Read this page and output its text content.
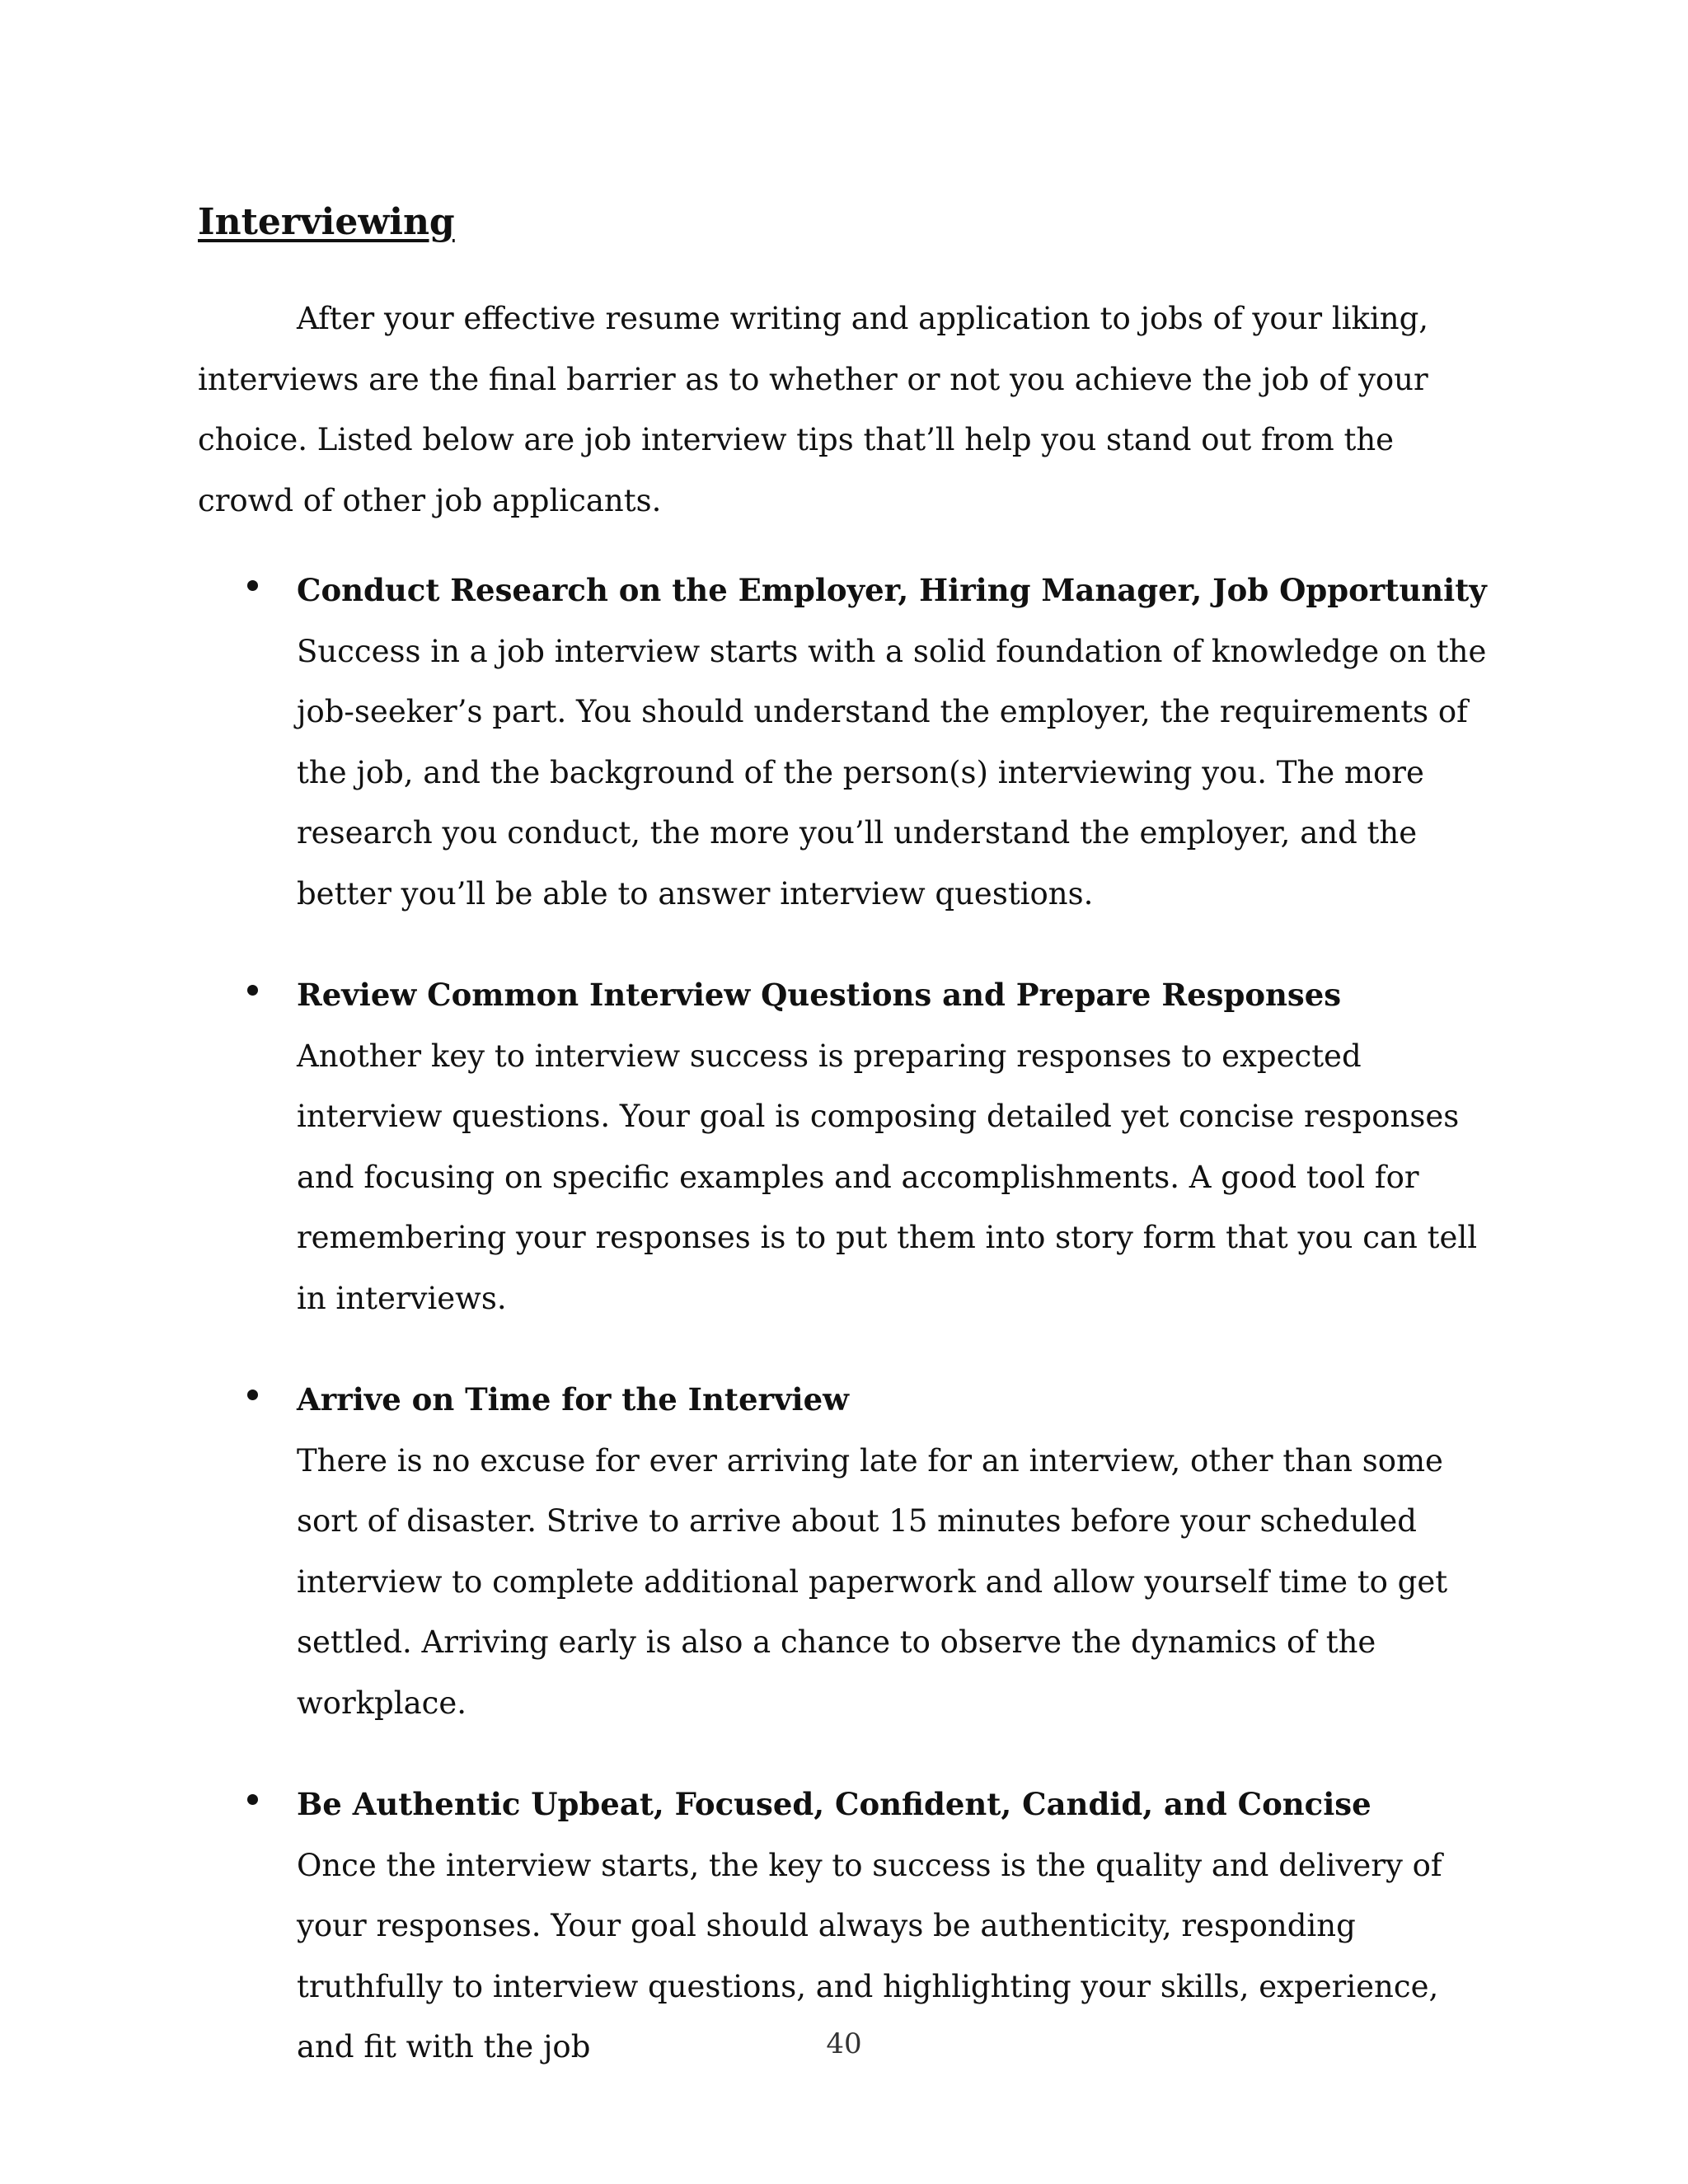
Interviewing

After your effective resume writing and application to jobs of your liking, interviews are the final barrier as to whether or not you achieve the job of your choice. Listed below are job interview tips that’ll help you stand out from the crowd of other job applicants.

Conduct Research on the Employer, Hiring Manager, Job Opportunity

Success in a job interview starts with a solid foundation of knowledge on the job-seeker’s part. You should understand the employer, the requirements of the job, and the background of the person(s) interviewing you. The more research you conduct, the more you’ll understand the employer, and the better you’ll be able to answer interview questions.

Review Common Interview Questions and Prepare Responses

Another key to interview success is preparing responses to expected interview questions. Your goal is composing detailed yet concise responses and focusing on specific examples and accomplishments. A good tool for remembering your responses is to put them into story form that you can tell in interviews.

Arrive on Time for the Interview

There is no excuse for ever arriving late for an interview, other than some sort of disaster. Strive to arrive about 15 minutes before your scheduled interview to complete additional paperwork and allow yourself time to get settled. Arriving early is also a chance to observe the dynamics of the workplace.

Be Authentic Upbeat, Focused, Confident, Candid, and Concise

Once the interview starts, the key to success is the quality and delivery of your responses. Your goal should always be authenticity, responding truthfully to interview questions, and highlighting your skills, experience, and fit with the job	40
